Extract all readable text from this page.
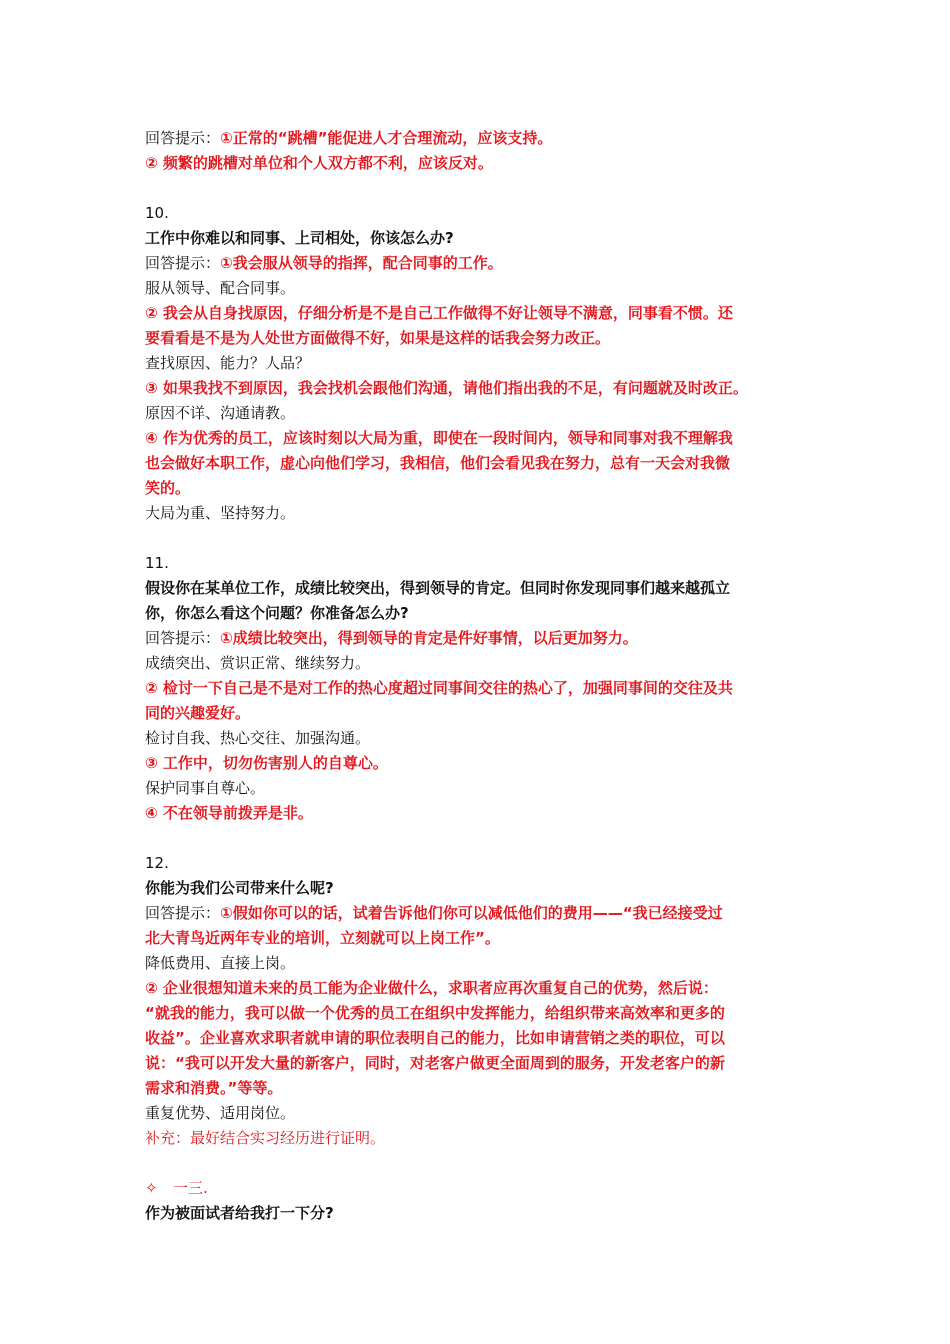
回答提示：①正常的“跳槽”能促进人才合理流动，应该支持。
② 频繁的跳槽对单位和个人双方都不利，应该反对。
10.
工作中你难以和同事、上司相处，你该怎么办?
回答提示：①我会服从领导的指挥，配合同事的工作。
服从领导、配合同事。
② 我会从自身找原因，仔细分析是不是自己工作做得不好让领导不满意，同事看不惯。还
要看看是不是为人处世方面做得不好，如果是这样的话我会努力改正。
查找原因、能力？人品？
③ 如果我找不到原因，我会找机会跟他们沟通，请他们指出我的不足，有问题就及时改正。
原因不详、沟通请教。
④ 作为优秀的员工，应该时刻以大局为重，即使在一段时间内，领导和同事对我不理解我
也会做好本职工作，虚心向他们学习，我相信，他们会看见我在努力，总有一天会对我微
笑的。
大局为重、坚持努力。
11.
假设你在某单位工作，成绩比较突出，得到领导的肯定。但同时你发现同事们越来越孤立
你，你怎么看这个问题？你准备怎么办?
回答提示：①成绩比较突出，得到领导的肯定是件好事情，以后更加努力。
成绩突出、赏识正常、继续努力。
② 检讨一下自己是不是对工作的热心度超过同事间交往的热心了，加强同事间的交往及共
同的兴趣爱好。
检讨自我、热心交往、加强沟通。
③ 工作中，切勿伤害别人的自尊心。
保护同事自尊心。
④ 不在领导前拨弄是非。
12.
你能为我们公司带来什么呢?
回答提示：①假如你可以的话，试着告诉他们你可以减低他们的费用——“我已经接受过
北大青鸟近两年专业的培训，立刻就可以上岗工作”。
降低费用、直接上岗。
② 企业很想知道未来的员工能为企业做什么，求职者应再次重复自己的优势，然后说：
“就我的能力，我可以做一个优秀的员工在组织中发挥能力，给组织带来高效率和更多的
收益”。企业喜欢求职者就申请的职位表明自己的能力，比如申请营销之类的职位，可以
说：“我可以开发大量的新客户，同时，对老客户做更全面周到的服务，开发老客户的新
需求和消费。”等等。
重复优势、适用岗位。
补充：最好结合实习经历进行证明。
✧ 一三.
作为被面试者给我打一下分?
